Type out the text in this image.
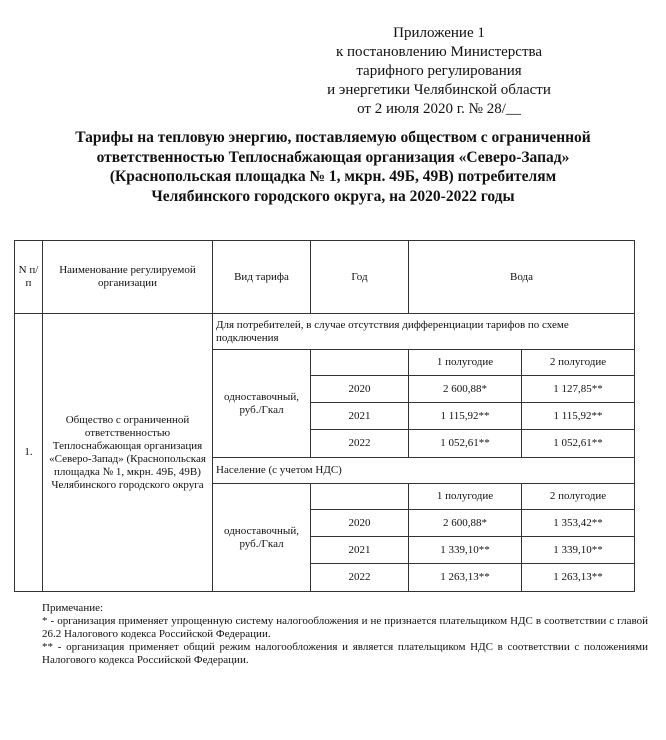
Приложение 1
к постановлению Министерства
тарифного регулирования
и энергетики Челябинской области
от 2 июля 2020 г. № 28/__
Тарифы на тепловую энергию, поставляемую обществом с ограниченной
ответственностью Теплоснабжающая организация «Северо-Запад»
(Краснопольская площадка № 1, мкрн. 49Б, 49В) потребителям
Челябинского городского округа, на 2020-2022 годы
N п/п	Наименование регулируемой организации	Вид тарифа	Год	Вода	
1.	Общество с ограниченной ответственностью Теплоснабжающая организация «Северо-Запад» (Краснопольская площадка № 1, мкрн. 49Б, 49В) Челябинского городского округа	Для потребителей, в случае отсутствия дифференциации тарифов по схеме подключения			
		одноставочный, руб./Гкал		1 полугодие	2 полугодие
			2020	2 600,88*	1 127,85**
			2021	1 115,92**	1 115,92**
			2022	1 052,61**	1 052,61**
		Население (с учетом НДС)			
		одноставочный, руб./Гкал		1 полугодие	2 полугодие
			2020	2 600,88*	1 353,42**
			2021	1 339,10**	1 339,10**
			2022	1 263,13**	1 263,13**
Примечание:
* - организация применяет упрощенную систему налогообложения и не признается плательщиком НДС в соответствии с главой 26.2 Налогового кодекса Российской Федерации.
** - организация применяет общий режим налогообложения и является плательщиком НДС в соответствии с положениями Налогового кодекса Российской Федерации.
